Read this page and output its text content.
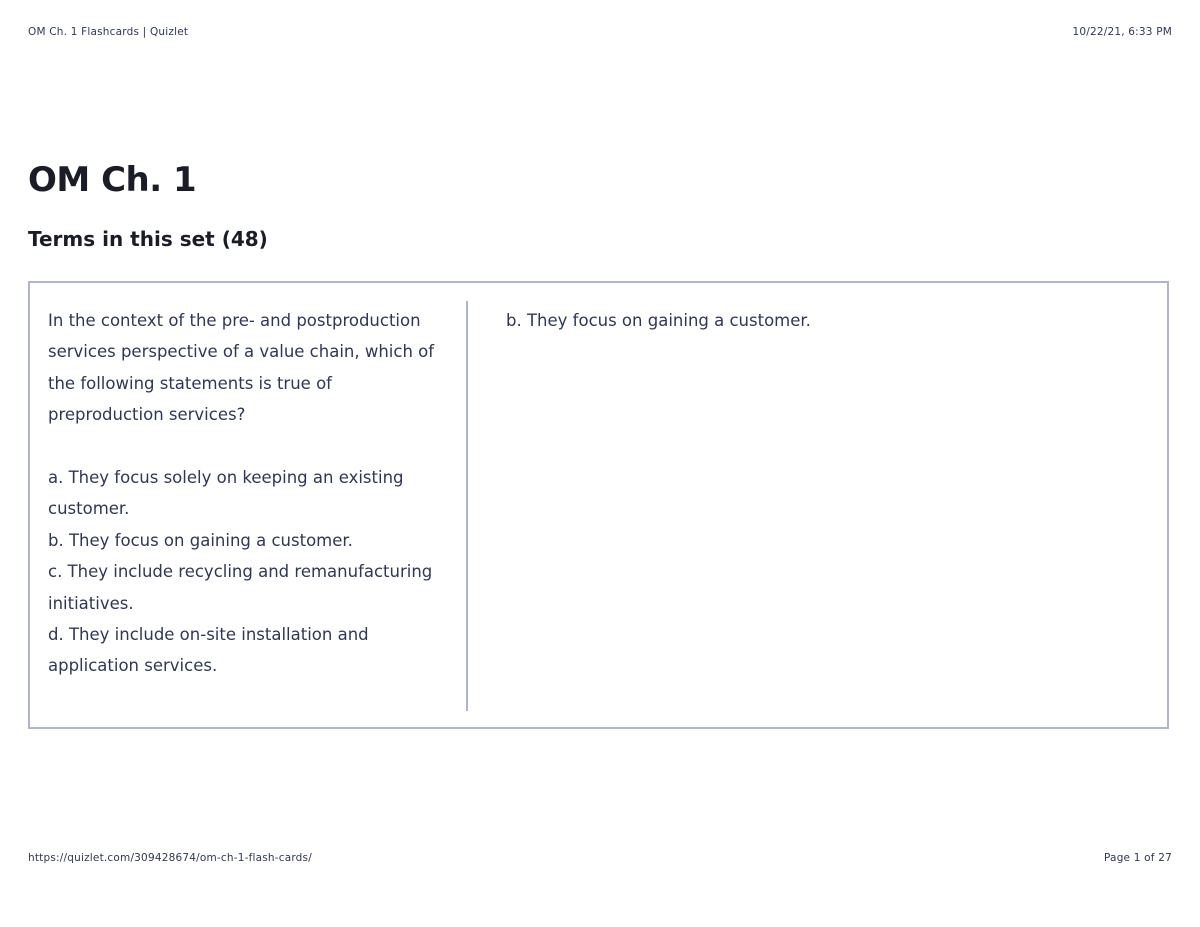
OM Ch. 1 Flashcards | Quizlet	10/22/21, 6:33 PM
OM Ch. 1
Terms in this set (48)
In the context of the pre- and postproduction services perspective of a value chain, which of the following statements is true of preproduction services?

a. They focus solely on keeping an existing customer.
b. They focus on gaining a customer.
c. They include recycling and remanufacturing initiatives.
d. They include on-site installation and application services.
b. They focus on gaining a customer.
https://quizlet.com/309428674/om-ch-1-flash-cards/	Page 1 of 27
